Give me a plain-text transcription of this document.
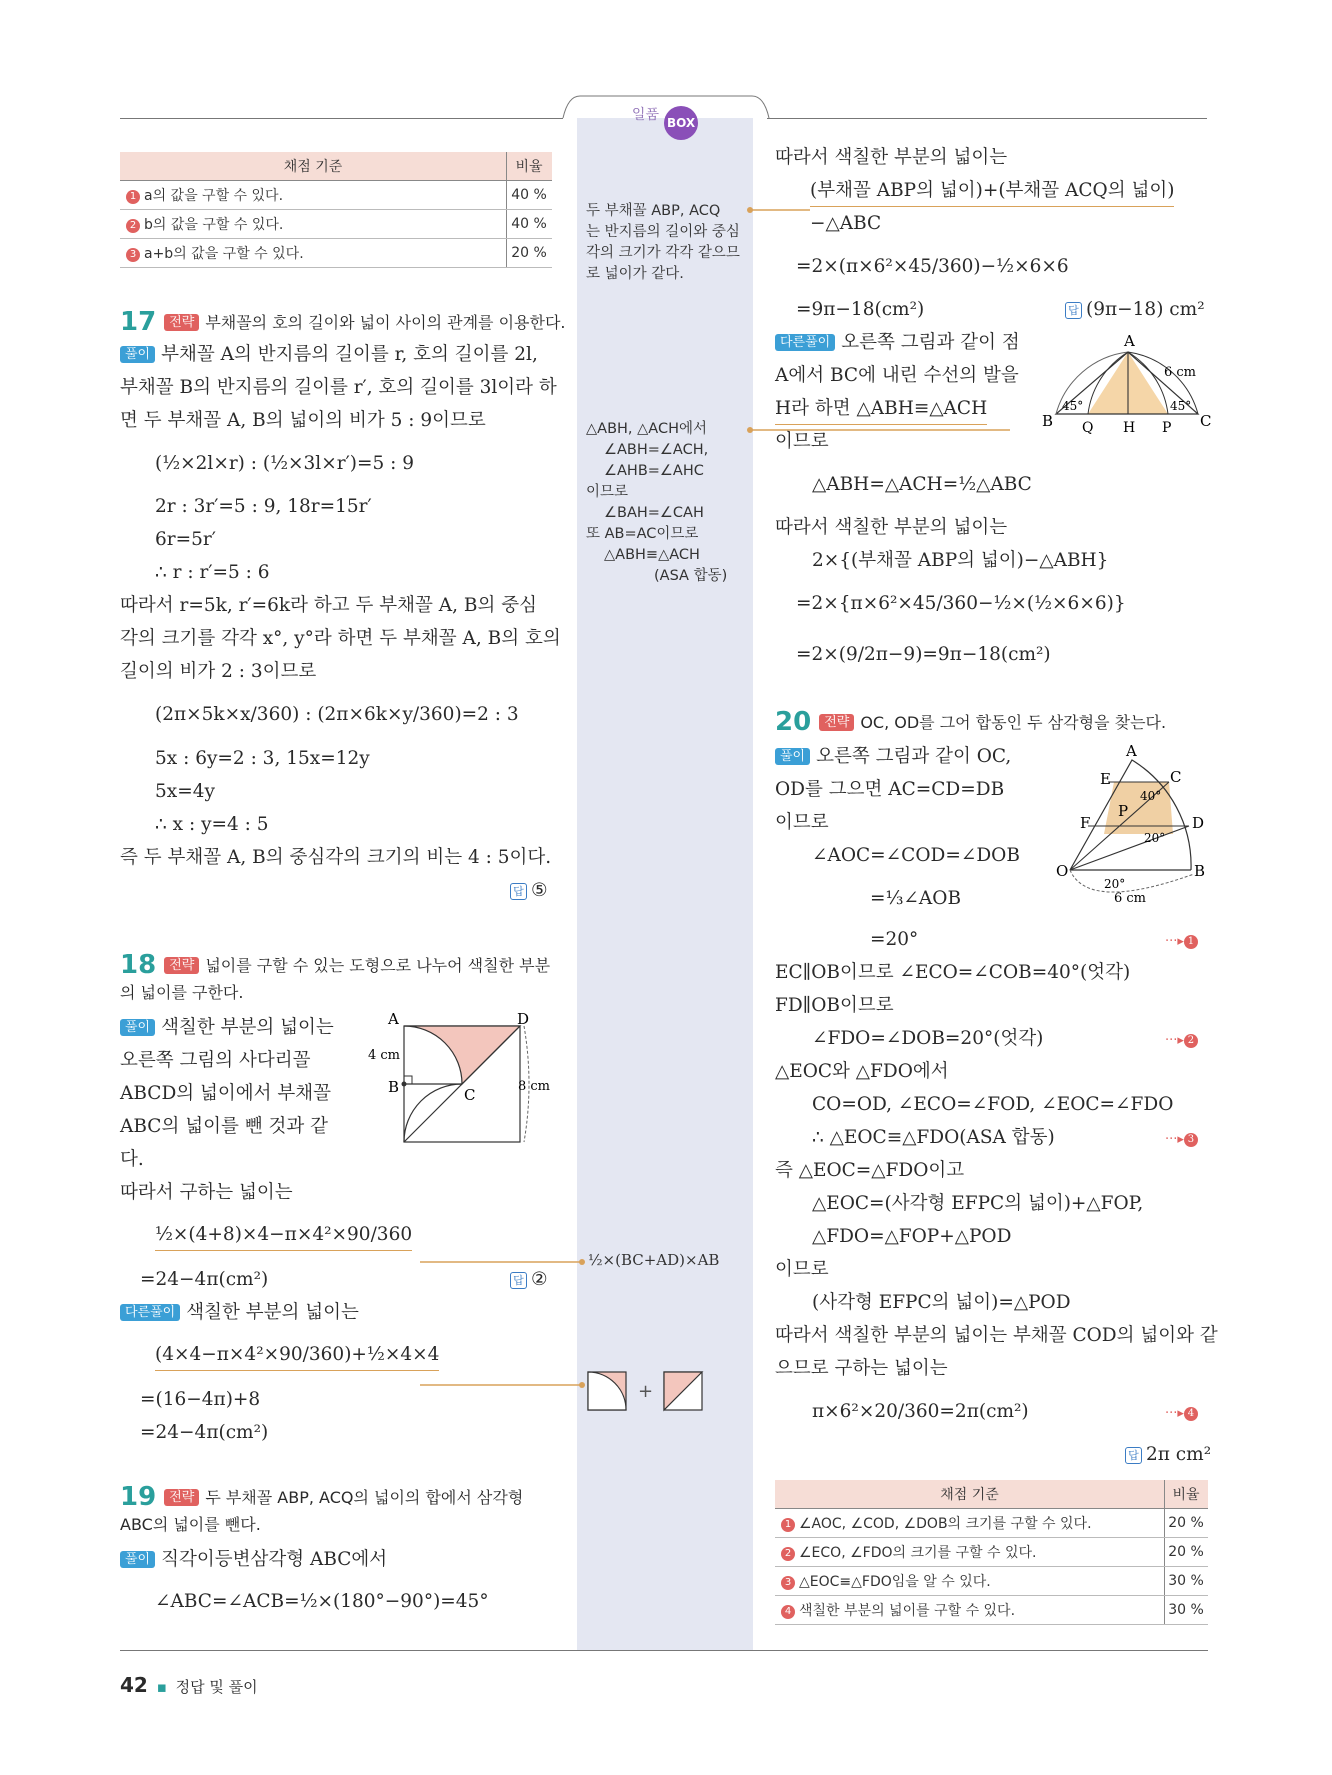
일품 BOX
채점 기준	비율
1 a의 값을 구할 수 있다.	40 %
2 b의 값을 구할 수 있다.	40 %
3 a+b의 값을 구할 수 있다.	20 %
17 전략 부채꼴의 호의 길이와 넓이 사이의 관계를 이용한다.
풀이 부채꼴 A의 반지름의 길이를 r, 호의 길이를 2l,
부채꼴 B의 반지름의 길이를 r′, 호의 길이를 3l이라 하
면 두 부채꼴 A, B의 넓이의 비가 5 : 9이므로
(½×2l×r) : (½×3l×r′)=5 : 9
2r : 3r′=5 : 9, 18r=15r′
6r=5r′
∴ r : r′=5 : 6
따라서 r=5k, r′=6k라 하고 두 부채꼴 A, B의 중심
각의 크기를 각각 x°, y°라 하면 두 부채꼴 A, B의 호의
길이의 비가 2 : 3이므로
(2π×5k×x/360) : (2π×6k×y/360)=2 : 3
5x : 6y=2 : 3, 15x=12y
5x=4y
∴ x : y=4 : 5
즉 두 부채꼴 A, B의 중심각의 크기의 비는 4 : 5이다.
답 ⑤
18 전략 넓이를 구할 수 있는 도형으로 나누어 색칠한 부분
의 넓이를 구한다.
풀이 색칠한 부분의 넓이는
오른쪽 그림의 사다리꼴
ABCD의 넓이에서 부채꼴
ABC의 넓이를 뺀 것과 같
다.
따라서 구하는 넓이는
½×(4+8)×4−π×4²×90/360
=24−4π(cm²)	답 ②
다른풀이 색칠한 부분의 넓이는
(4×4−π×4²×90/360)+½×4×4
=(16−4π)+8
=24−4π(cm²)
A	D
B	C
4 cm
8 cm
19 전략 두 부채꼴 ABP, ACQ의 넓이의 합에서 삼각형
ABC의 넓이를 뺀다.
풀이 직각이등변삼각형 ABC에서
∠ABC=∠ACB=½×(180°−90°)=45°
두 부채꼴 ABP, ACQ
는 반지름의 길이와 중심
각의 크기가 각각 같으므
로 넓이가 같다.
△ABH, △ACH에서
∠ABH=∠ACH,
∠AHB=∠AHC
이므로
∠BAH=∠CAH
또 AB=AC이므로
△ABH≡△ACH
(ASA 합동)
½×(BC+AD)×AB
+
따라서 색칠한 부분의 넓이는
(부채꼴 ABP의 넓이)+(부채꼴 ACQ의 넓이)
−△ABC
=2×(π×6²×45/360)−½×6×6
=9π−18(cm²)	답 (9π−18) cm²
다른풀이 오른쪽 그림과 같이 점
A에서 BC에 내린 수선의 발을
H라 하면 △ABH≡△ACH
이므로
△ABH=△ACH=½△ABC
따라서 색칠한 부분의 넓이는
2×{(부채꼴 ABP의 넓이)−△ABH}
=2×{π×6²×45/360−½×(½×6×6)}
=2×(9/2π−9)=9π−18(cm²)
A
B Q H P C
6 cm
45°	45°
20 전략 OC, OD를 그어 합동인 두 삼각형을 찾는다.
풀이 오른쪽 그림과 같이 OC,
OD를 그으면 AC=CD=DB
이므로
∠AOC=∠COD=∠DOB
=⅓∠AOB
=20°	···▸ 1
EC∥OB이므로 ∠ECO=∠COB=40°(엇각)
FD∥OB이므로
∠FDO=∠DOB=20°(엇각)	···▸ 2
△EOC와 △FDO에서
CO=OD, ∠ECO=∠FOD, ∠EOC=∠FDO
∴ △EOC≡△FDO(ASA 합동)	···▸ 3
즉 △EOC=△FDO이고
△EOC=(사각형 EFPC의 넓이)+△FOP,
△FDO=△FOP+△POD
이므로
(사각형 EFPC의 넓이)=△POD
따라서 색칠한 부분의 넓이는 부채꼴 COD의 넓이와 같
으므로 구하는 넓이는
π×6²×20/360=2π(cm²)	···▸ 4
답 2π cm²
A
E	C
F
P
D
O	B
40°
20°
20°
6 cm
채점 기준	비율
1 ∠AOC, ∠COD, ∠DOB의 크기를 구할 수 있다.	20 %
2 ∠ECO, ∠FDO의 크기를 구할 수 있다.	20 %
3 △EOC≡△FDO임을 알 수 있다.	30 %
4 색칠한 부분의 넓이를 구할 수 있다.	30 %
42 ▪ 정답 및 풀이
